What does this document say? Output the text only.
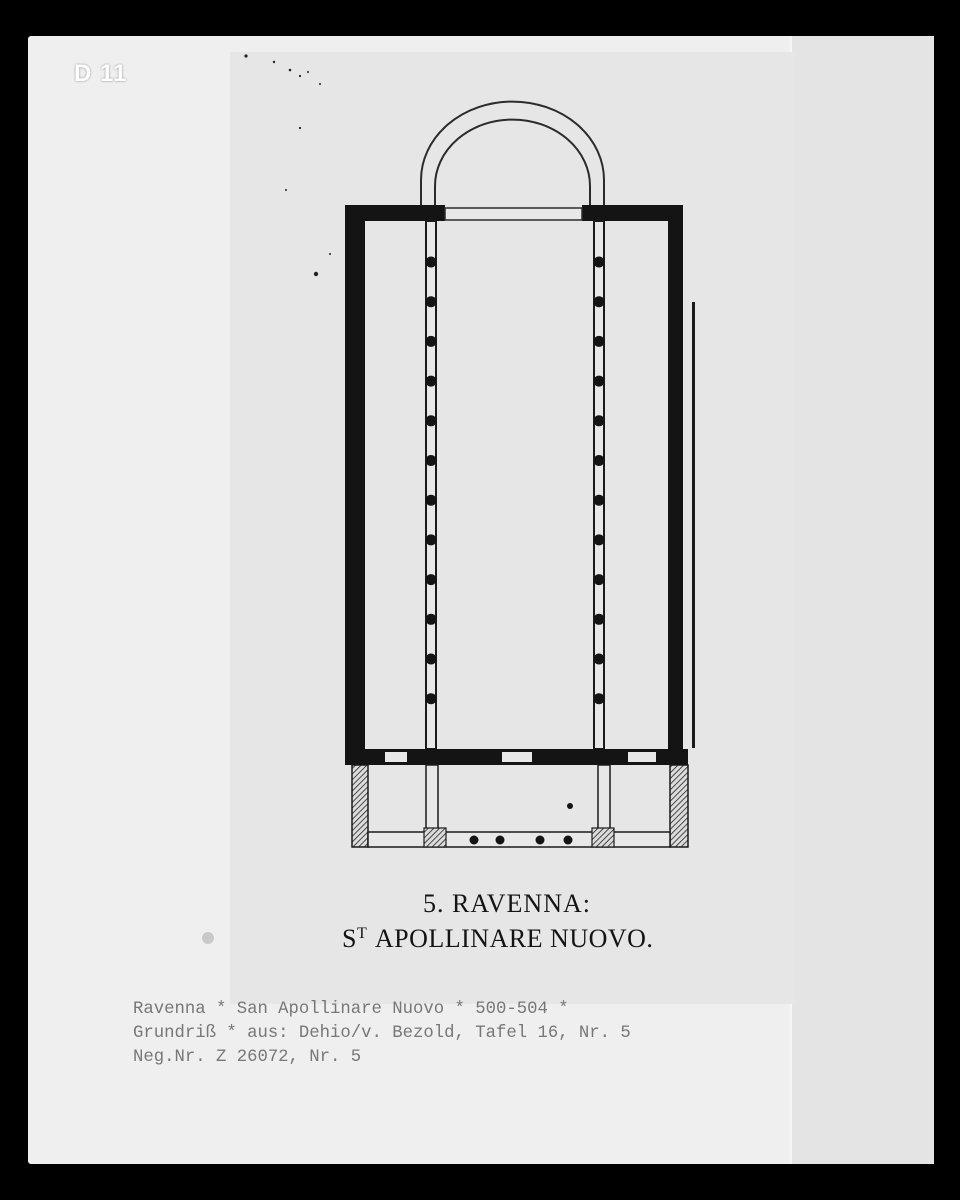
D 11
5. RAVENNA:
$S^T$ APOLLINARE NUOVO.
Ravenna * San Apollinare Nuovo * 500-504 *
Grundriß * aus: Dehio/v. Bezold, Tafel 16, Nr. 5
Neg.Nr. Z 26072, Nr. 5
